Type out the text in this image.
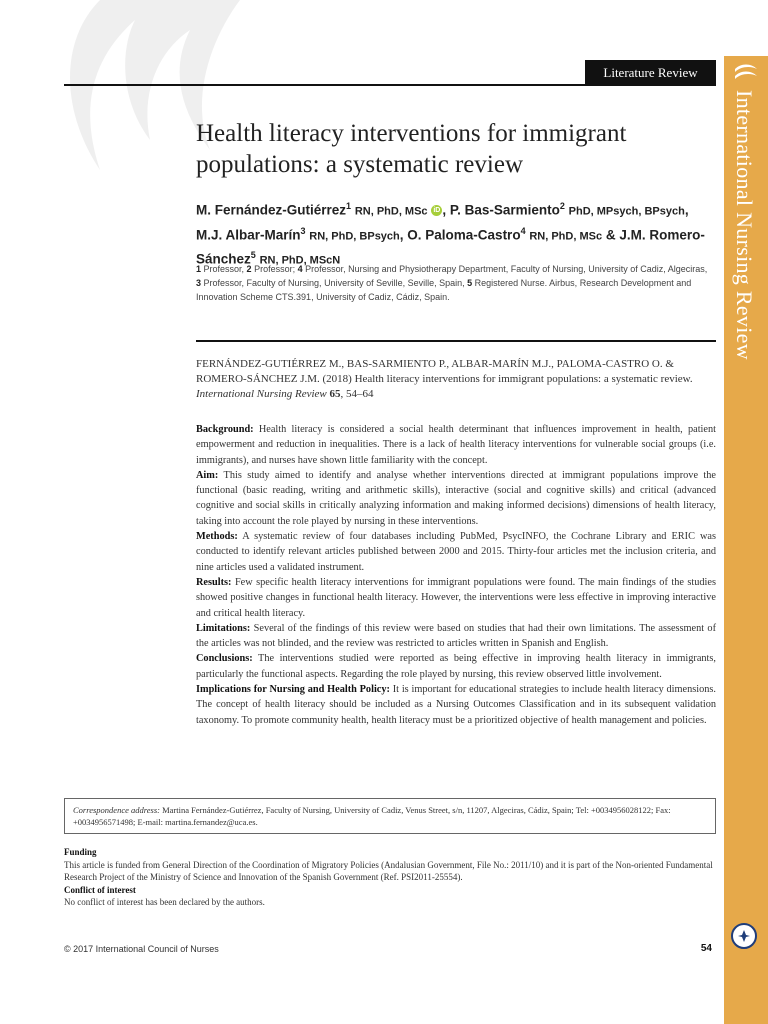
Literature Review
International Nursing Review
Health literacy interventions for immigrant populations: a systematic review
M. Fernández-Gutiérrez$^1$ RN, PhD, MSc iD , P. Bas-Sarmiento$^2$ PhD, MPsych, BPsych, M.J. Albar-Marín$^3$ RN, PhD, BPsych, O. Paloma-Castro$^4$ RN, PhD, MSc & J.M. Romero-Sánchez$^5$ RN, PhD, MScN
1 Professor, 2 Professor; 4 Professor, Nursing and Physiotherapy Department, Faculty of Nursing, University of Cadiz, Algeciras,
3 Professor, Faculty of Nursing, University of Seville, Seville, Spain, 5 Registered Nurse. Airbus, Research Development and Innovation Scheme CTS.391, University of Cadiz, Cádiz, Spain.
FERNÁNDEZ-GUTIÉRREZ M., BAS-SARMIENTO P., ALBAR-MARÍN M.J., PALOMA-CASTRO O. & ROMERO-SÁNCHEZ J.M. (2018) Health literacy interventions for immigrant populations: a systematic review. International Nursing Review 65, 54–64

Background: Health literacy is considered a social health determinant that influences improvement in health, patient empowerment and reduction in inequalities. There is a lack of health literacy interventions for vulnerable social groups (i.e. immigrants), and nurses have shown little familiarity with the concept.

Aim: This study aimed to identify and analyse whether interventions directed at immigrant populations improve the functional (basic reading, writing and arithmetic skills), interactive (social and cognitive skills) and critical (advanced cognitive and social skills in critically analyzing information and making informed decisions) dimensions of health literacy, taking into account the role played by nursing in these interventions.

Methods: A systematic review of four databases including PubMed, PsycINFO, the Cochrane Library and ERIC was conducted to identify relevant articles published between 2000 and 2015. Thirty-four articles met the inclusion criteria, and nine articles used a validated instrument.

Results: Few specific health literacy interventions for immigrant populations were found. The main findings of the studies showed positive changes in functional health literacy. However, the interventions were less effective in improving interactive and critical health literacy.

Limitations: Several of the findings of this review were based on studies that had their own limitations. The assessment of the articles was not blinded, and the review was restricted to articles written in Spanish and English.

Conclusions: The interventions studied were reported as being effective in improving health literacy in immigrants, particularly the functional aspects. Regarding the role played by nursing, this review observed little involvement.

Implications for Nursing and Health Policy: It is important for educational strategies to include health literacy dimensions. The concept of health literacy should be included as a Nursing Outcomes Classification and in its subsequent validation taxonomy. To promote community health, health literacy must be a prioritized objective of health management and policies.

Correspondence address: Martina Fernández-Gutiérrez, Faculty of Nursing, University of Cadiz, Venus Street, s/n, 11207, Algeciras, Cádiz, Spain; Tel: +0034956028122; Fax: +0034956571498; E-mail: martina.fernandez@uca.es.

Funding

This article is funded from General Direction of the Coordination of Migratory Policies (Andalusian Government, File No.: 2011/10) and it is part of the Non-oriented Fundamental Research Project of the Ministry of Science and Innovation of the Spanish Government (Ref. PSI2011-25554).

Conflict of interest

No conflict of interest has been declared by the authors.

© 2017 International Council of Nurses	54
